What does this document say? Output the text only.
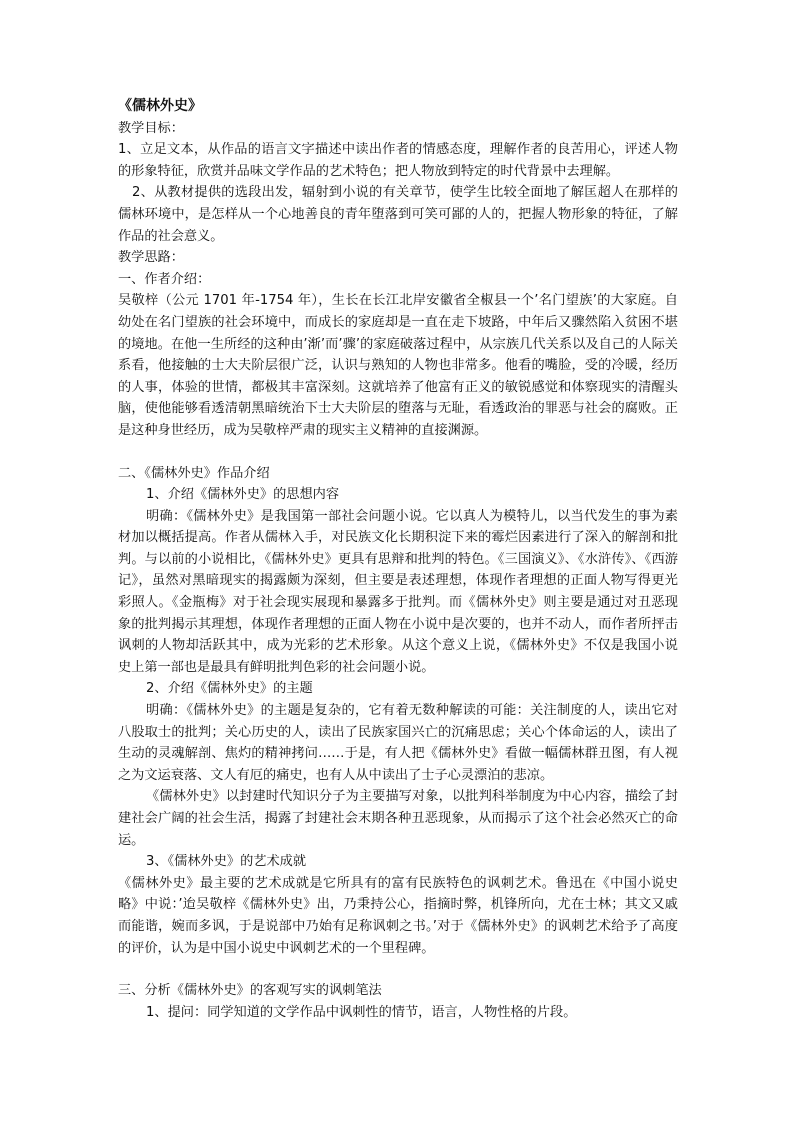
《儒林外史》

教学目标：

1、立足文本，从作品的语言文字描述中读出作者的情感态度，理解作者的良苦用心，评述人物的形象特征，欣赏并品味文学作品的艺术特色；把人物放到特定的时代背景中去理解。

2、从教材提供的选段出发，辐射到小说的有关章节，使学生比较全面地了解匡超人在那样的儒林环境中，是怎样从一个心地善良的青年堕落到可笑可鄙的人的，把握人物形象的特征，了解作品的社会意义。

教学思路：

一、作者介绍：

吴敬梓（公元 1701 年-1754 年），生长在长江北岸安徽省全椒县一个’名门望族’的大家庭。自幼处在名门望族的社会环境中，而成长的家庭却是一直在走下坡路，中年后又骤然陷入贫困不堪的境地。在他一生所经的这种由’渐’而’骤’的家庭破落过程中，从宗族几代关系以及自己的人际关系看，他接触的士大夫阶层很广泛，认识与熟知的人物也非常多。他看的嘴脸，受的冷暖，经历的人事，体验的世情，都极其丰富深刻。这就培养了他富有正义的敏锐感觉和体察现实的清醒头脑，使他能够看透清朝黑暗统治下士大夫阶层的堕落与无耻，看透政治的罪恶与社会的腐败。正是这种身世经历，成为吴敬梓严肃的现实主义精神的直接渊源。

二、《儒林外史》作品介绍

1、介绍《儒林外史》的思想内容

明确：《儒林外史》是我国第一部社会问题小说。它以真人为模特儿，以当代发生的事为素材加以概括提高。作者从儒林入手，对民族文化长期积淀下来的霉烂因素进行了深入的解剖和批判。与以前的小说相比，《儒林外史》更具有思辩和批判的特色。《三国演义》、《水浒传》、《西游记》，虽然对黑暗现实的揭露颇为深刻，但主要是表述理想，体现作者理想的正面人物写得更光彩照人。《金瓶梅》对于社会现实展现和暴露多于批判。而《儒林外史》则主要是通过对丑恶现象的批判揭示其理想，体现作者理想的正面人物在小说中是次要的，也并不动人，而作者所抨击讽刺的人物却活跃其中，成为光彩的艺术形象。从这个意义上说，《儒林外史》不仅是我国小说史上第一部也是最具有鲜明批判色彩的社会问题小说。

2、介绍《儒林外史》的主题

明确：《儒林外史》的主题是复杂的，它有着无数种解读的可能：关注制度的人，读出它对八股取士的批判；关心历史的人，读出了民族家国兴亡的沉痛思虑；关心个体命运的人，读出了生动的灵魂解剖、焦灼的精神拷问……于是，有人把《儒林外史》看做一幅儒林群丑图，有人视之为文运衰落、文人有厄的痛史，也有人从中读出了士子心灵漂泊的悲凉。

《儒林外史》以封建时代知识分子为主要描写对象，以批判科举制度为中心内容，描绘了封建社会广阔的社会生活，揭露了封建社会末期各种丑恶现象，从而揭示了这个社会必然灭亡的命运。

3、《儒林外史》的艺术成就

《儒林外史》最主要的艺术成就是它所具有的富有民族特色的讽刺艺术。鲁迅在《中国小说史略》中说：’迨吴敬梓《儒林外史》出，乃秉持公心，指摘时弊，机锋所向，尤在士林；其文又戚而能谐，婉而多讽，于是说部中乃始有足称讽刺之书。’对于《儒林外史》的讽刺艺术给予了高度的评价，认为是中国小说史中讽刺艺术的一个里程碑。

三、分析《儒林外史》的客观写实的讽刺笔法

1、提问：同学知道的文学作品中讽刺性的情节，语言，人物性格的片段。
